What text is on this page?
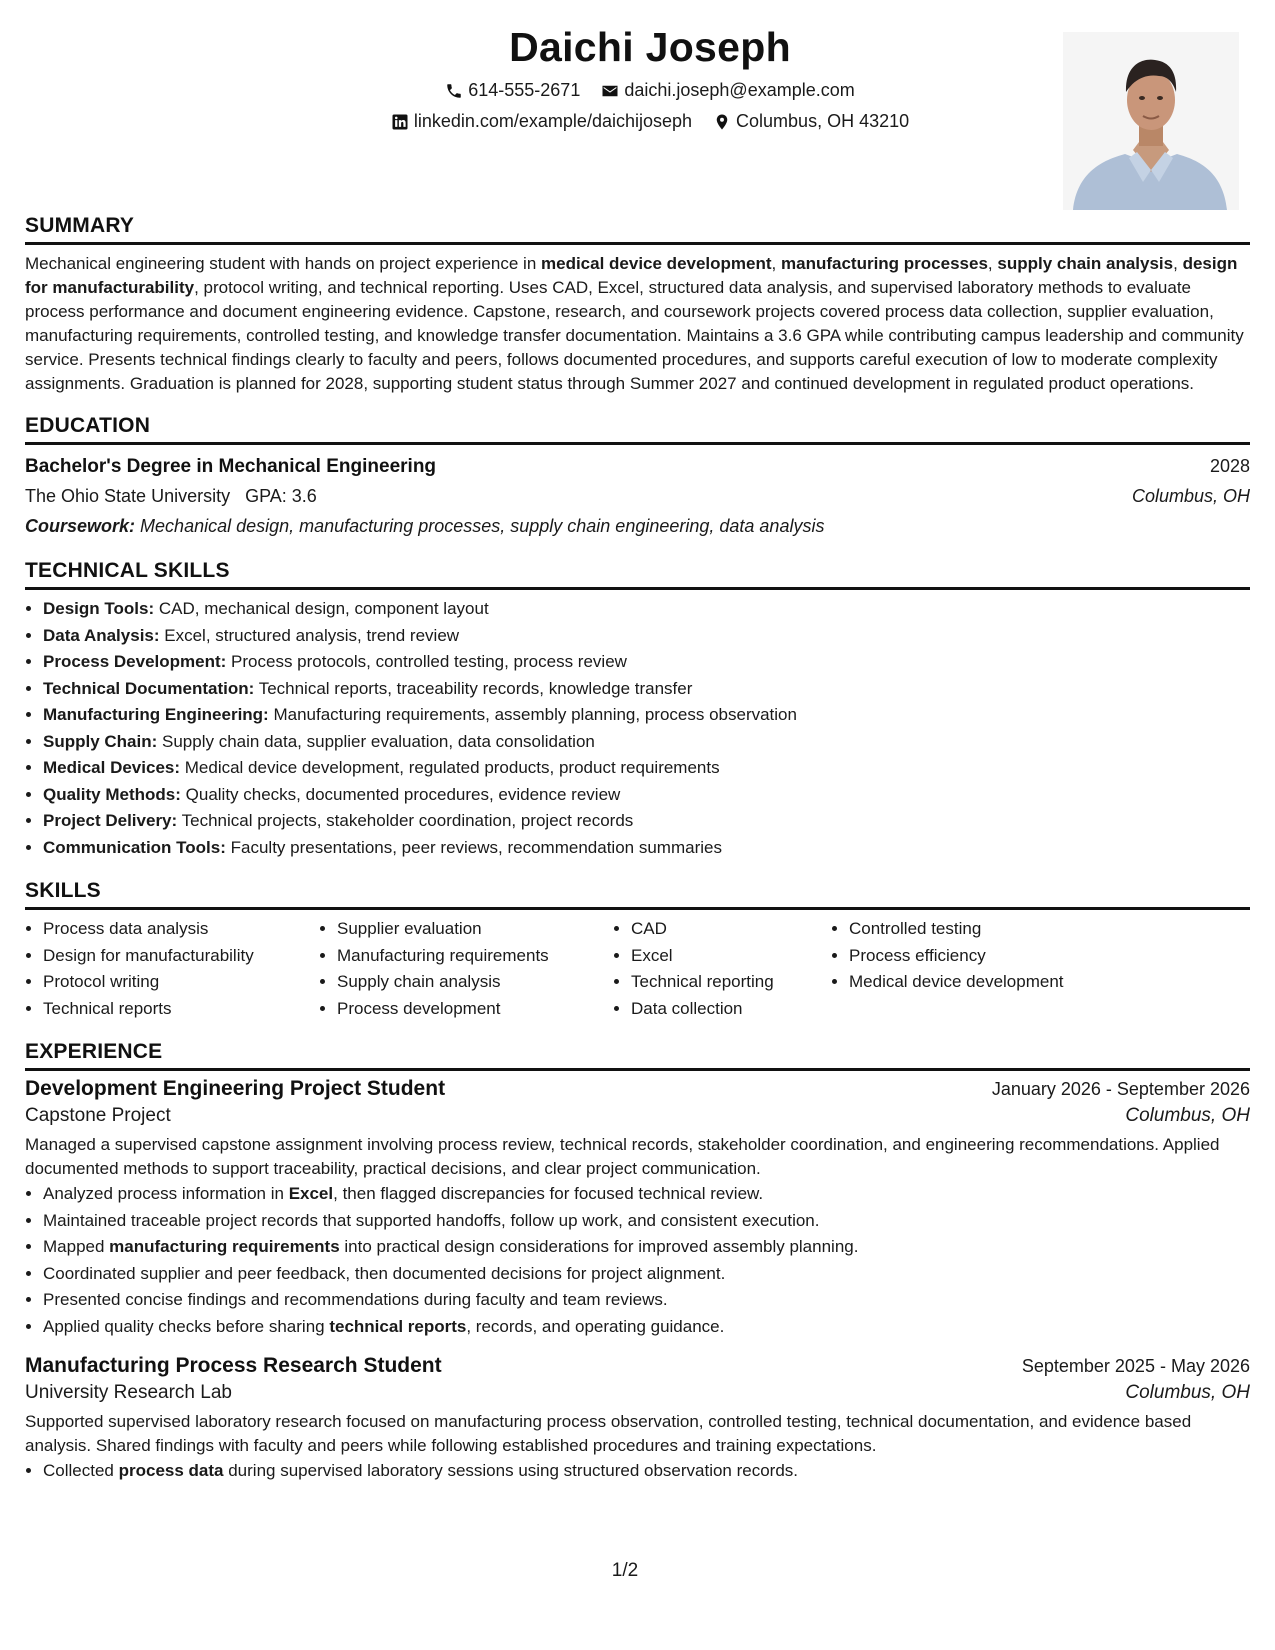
Daichi Joseph
614-555-2671
daichi.joseph@example.com
linkedin.com/example/daichijoseph
Columbus, OH 43210
SUMMARY
Mechanical engineering student with hands on project experience in medical device development, manufacturing processes, supply chain analysis, design for manufacturability, protocol writing, and technical reporting. Uses CAD, Excel, structured data analysis, and supervised laboratory methods to evaluate process performance and document engineering evidence. Capstone, research, and coursework projects covered process data collection, supplier evaluation, manufacturing requirements, controlled testing, and knowledge transfer documentation. Maintains a 3.6 GPA while contributing campus leadership and community service. Presents technical findings clearly to faculty and peers, follows documented procedures, and supports careful execution of low to moderate complexity assignments. Graduation is planned for 2028, supporting student status through Summer 2027 and continued development in regulated product operations.
EDUCATION
Bachelor's Degree in Mechanical Engineering	2028
The Ohio State University GPA: 3.6	Columbus, OH
Coursework: Mechanical design, manufacturing processes, supply chain engineering, data analysis
TECHNICAL SKILLS
• Design Tools: CAD, mechanical design, component layout
• Data Analysis: Excel, structured analysis, trend review
• Process Development: Process protocols, controlled testing, process review
• Technical Documentation: Technical reports, traceability records, knowledge transfer
• Manufacturing Engineering: Manufacturing requirements, assembly planning, process observation
• Supply Chain: Supply chain data, supplier evaluation, data consolidation
• Medical Devices: Medical device development, regulated products, product requirements
• Quality Methods: Quality checks, documented procedures, evidence review
• Project Delivery: Technical projects, stakeholder coordination, project records
• Communication Tools: Faculty presentations, peer reviews, recommendation summaries
SKILLS
• Process data analysis
• Design for manufacturability
• Protocol writing
• Technical reports
• Supplier evaluation
• Manufacturing requirements
• Supply chain analysis
• Process development
• CAD
• Excel
• Technical reporting
• Data collection
• Controlled testing
• Process efficiency
• Medical device development
EXPERIENCE
Development Engineering Project Student	January 2026 - September 2026
Capstone Project	Columbus, OH
Managed a supervised capstone assignment involving process review, technical records, stakeholder coordination, and engineering recommendations. Applied documented methods to support traceability, practical decisions, and clear project communication.
• Analyzed process information in Excel, then flagged discrepancies for focused technical review.
• Maintained traceable project records that supported handoffs, follow up work, and consistent execution.
• Mapped manufacturing requirements into practical design considerations for improved assembly planning.
• Coordinated supplier and peer feedback, then documented decisions for project alignment.
• Presented concise findings and recommendations during faculty and team reviews.
• Applied quality checks before sharing technical reports, records, and operating guidance.
Manufacturing Process Research Student	September 2025 - May 2026
University Research Lab	Columbus, OH
Supported supervised laboratory research focused on manufacturing process observation, controlled testing, technical documentation, and evidence based analysis. Shared findings with faculty and peers while following established procedures and training expectations.
• Collected process data during supervised laboratory sessions using structured observation records.
1/2
